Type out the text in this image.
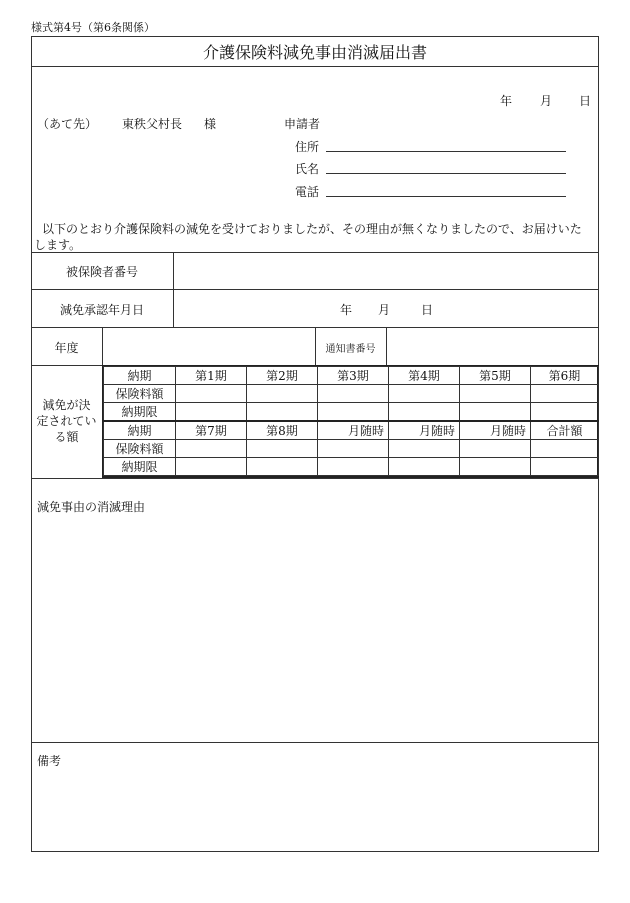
様式第4号（第6条関係）
介護保険料減免事由消滅届出書
年 月 日
（あて先） 東秩父村長 様	申請者
住所
氏名
電話
以下のとおり介護保険料の減免を受けておりましたが、その理由が無くなりましたので、お届けいた
します。
被保険者番号
減免承認年月日	年 月	日
年度	通知書番号
減免が決
定されてい
る額
納期	第1期	第2期	第3期	第4期	第5期	第6期
保険料額						
納期限						
納期	第7期	第8期	月随時	月随時	月随時	合計額
保険料額						
納期限						
減免事由の消滅理由
備考
